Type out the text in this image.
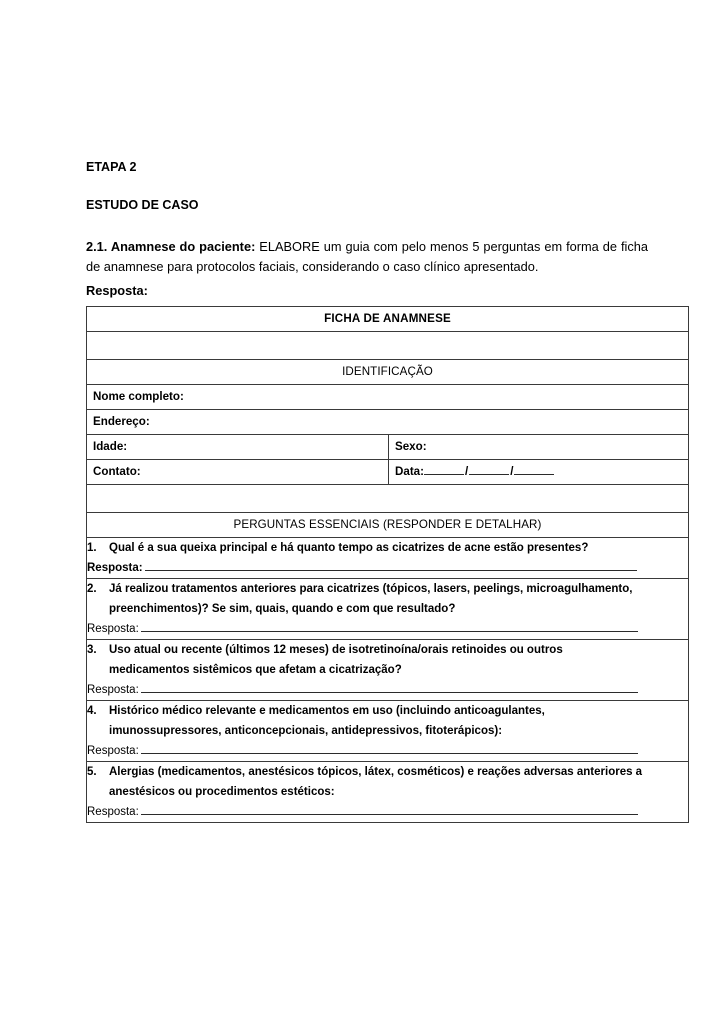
ETAPA 2

ESTUDO DE CASO

2.1. Anamnese do paciente: ELABORE um guia com pelo menos 5 perguntas em forma de ficha de anamnese para protocolos faciais, considerando o caso clínico apresentado.

Resposta:

FICHA DE ANAMNESE	

IDENTIFICAÇÃO	

Nome completo:	

Endereço:	

Idade:	Sexo:

Contato:	Data: / /

PERGUNTAS ESSENCIAIS (RESPONDER E DETALHAR)	

1. Qual é a sua queixa principal e há quanto tempo as cicatrizes de acne estão presentes?
Resposta:	

2. Já realizou tratamentos anteriores para cicatrizes (tópicos, lasers, peelings, microagulhamento,
preenchimentos)? Se sim, quais, quando e com que resultado?
Resposta:	

3. Uso atual ou recente (últimos 12 meses) de isotretinoína/orais retinoides ou outros
medicamentos sistêmicos que afetam a cicatrização?
Resposta:	

4. Histórico médico relevante e medicamentos em uso (incluindo anticoagulantes,
imunossupressores, anticoncepcionais, antidepressivos, fitoterápicos):
Resposta:	

5. Alergias (medicamentos, anestésicos tópicos, látex, cosméticos) e reações adversas anteriores a
anestésicos ou procedimentos estéticos:
Resposta:	
